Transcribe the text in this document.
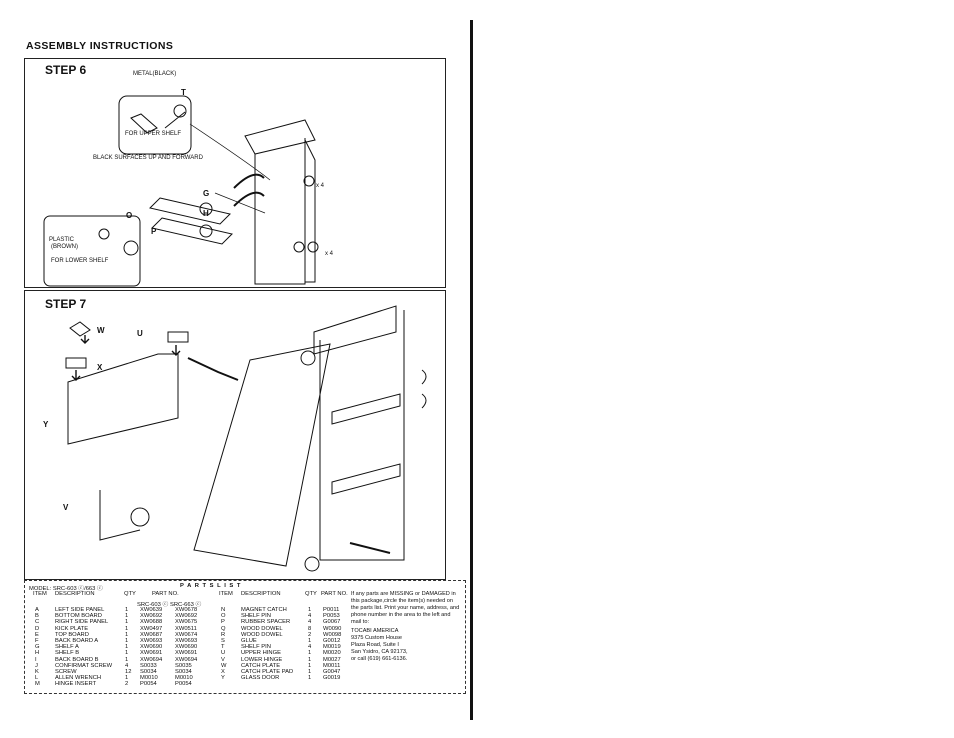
ASSEMBLY INSTRUCTIONS
STEP 6	METAL(BLACK)
FOR UPPER SHELF
BLACK SURFACES UP AND FORWARD
PLASTIC
(BROWN)
FOR LOWER SHELF
T
G
H
O
P
x 4
x 4
STEP 7
W
X
U
Y
V
MODEL: SRC-603 ⓒ/663 ⓒ	P A R T S L I S T
ITEM DESCRIPTION	QTY	PART NO.
SRC-603 ⓒ SRC-663 ⓒ
ITEM DESCRIPTION	QTY PART NO.
A	LEFT SIDE PANEL	1 XW0639 XW0678
B	BOTTOM BOARD	1 XW0692 XW0692
C	RIGHT SIDE PANEL	1 XW0688 XW0675
D	KICK PLATE	1 XW0497 XW0511
E	TOP BOARD	1 XW0687 XW0674
F	BACK BOARD A	1 XW0693 XW0693
G	SHELF A	1 XW0690 XW0690
H	SHELF B	1 XW0691 XW0691
I	BACK BOARD B	1 XW0694 XW0694
J	CONFIRMAT SCREW 4 S0033	S0035
K	SCREW	12 S0034	S0034
L	ALLEN WRENCH	1 M0010	M0010
M	HINGE INSERT	2 P0054	P0054
N	MAGNET CATCH	1 P0011
O	SHELF PIN	4 P0053
P	RUBBER SPACER	4 G0067
Q	WOOD DOWEL	8 W0090
R	WOOD DOWEL	2 W0098
S	GLUE	1 G0012
T	SHELF PIN	4 M0019
U	UPPER HINGE	1 M0020
V	LOWER HINGE	1 M0027
W	CATCH PLATE	1 M0011
X	CATCH PLATE PAD	1 G0047
Y	GLASS DOOR	1 G0019
If any parts are MISSING or DAMAGED in this package,circle the item(s) needed on the parts list. Print your name, address, and phone number in the area to the left and mail to:
TOCABI AMERICA
9375 Custom House
Plaza Road, Suite I
San Ysidro, CA 92173,
or call (619) 661-6136.
